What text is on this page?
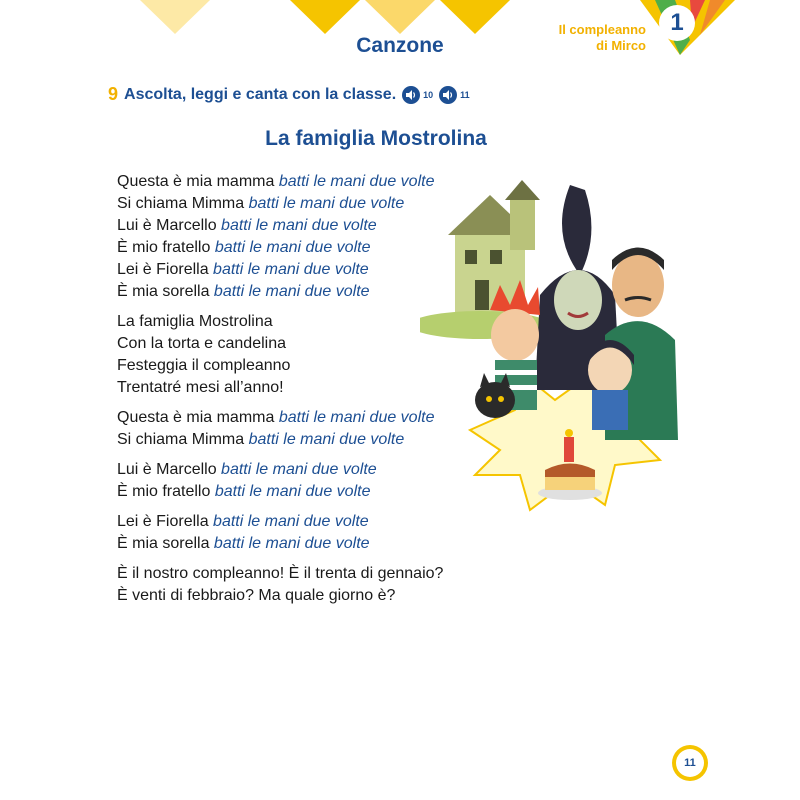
Canzone
Il compleanno
di Mirco
1
9 Ascolta, leggi e canta con la classe.	10	11
La famiglia Mostrolina
Questa è mia mamma batti le mani due volte
Si chiama Mimma batti le mani due volte
Lui è Marcello batti le mani due volte
È mio fratello batti le mani due volte
Lei è Fiorella batti le mani due volte
È mia sorella batti le mani due volte
La famiglia Mostrolina
Con la torta e candelina
Festeggia il compleanno
Trentatré mesi all’anno!
Questa è mia mamma batti le mani due volte
Si chiama Mimma batti le mani due volte
Lui è Marcello batti le mani due volte
È mio fratello batti le mani due volte
Lei è Fiorella batti le mani due volte
È mia sorella batti le mani due volte
È il nostro compleanno! È il trenta di gennaio?
È venti di febbraio? Ma quale giorno è?
11
